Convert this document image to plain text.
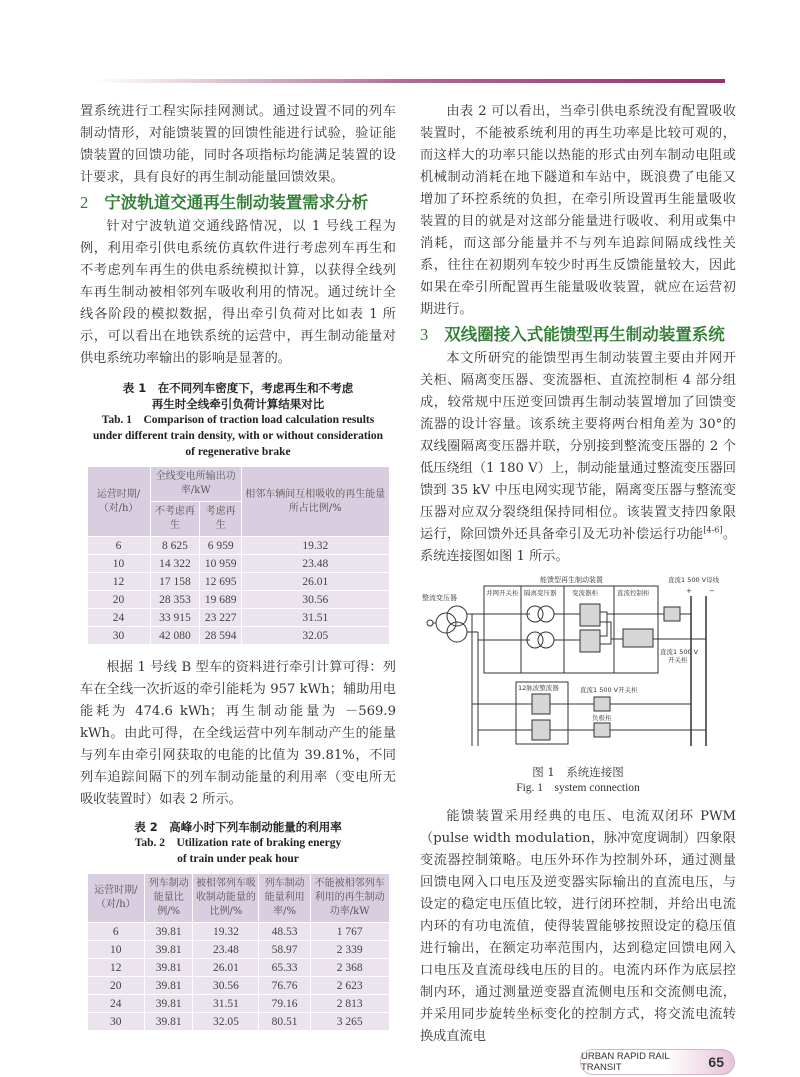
置系统进行工程实际挂网测试。通过设置不同的列车制动情形，对能馈装置的回馈性能进行试验，验证能馈装置的回馈功能，同时各项指标均能满足装置的设计要求，具有良好的再生制动能量回馈效果。

2 宁波轨道交通再生制动装置需求分析

针对宁波轨道交通线路情况，以 1 号线工程为例，利用牵引供电系统仿真软件进行考虑列车再生和不考虑列车再生的供电系统模拟计算，以获得全线列车再生制动被相邻列车吸收利用的情况。通过统计全线各阶段的模拟数据，得出牵引负荷对比如表 1 所示，可以看出在地铁系统的运营中，再生制动能量对供电系统功率输出的影响是显著的。

表 1　在不同列车密度下，考虑再生和不考虑再生时全线牵引负荷计算结果对比
Tab. 1　Comparison of traction load calculation results under different train density, with or without consideration of regenerative brake
运营时期/（对/h）	全线变电所输出功率/kW		相邻车辆间互相吸收的再生能量所占比例/%
	不考虑再生	考虑再生	
6	8 625	6 959	19.32
10	14 322	10 959	23.48
12	17 158	12 695	26.01
20	28 353	19 689	30.56
24	33 915	23 227	31.51
30	42 080	28 594	32.05

根据 1 号线 B 型车的资料进行牵引计算可得：列车在全线一次折返的牵引能耗为 957 kWh；辅助用电能耗为 474.6 kWh；再生制动能量为 －569.9 kWh。由此可得，在全线运营中列车制动产生的能量与列车由牵引网获取的电能的比值为 39.81%，不同列车追踪间隔下的列车制动能量的利用率（变电所无吸收装置时）如表 2 所示。

表 2　高峰小时下列车制动能量的利用率
Tab. 2　Utilization rate of braking energy of train under peak hour
运营时期/（对/h）	列车制动能量比例/%	被相邻列车吸收制动能量的比例/%	列车制动能量利用率/%	不能被相邻列车利用的再生制动功率/kW
6	39.81	19.32	48.53	1 767
10	39.81	23.48	58.97	2 339
12	39.81	26.01	65.33	2 368
20	39.81	30.56	76.76	2 623
24	39.81	31.51	79.16	2 813
30	39.81	32.05	80.51	3 265

由表 2 可以看出，当牵引供电系统没有配置吸收装置时，不能被系统利用的再生功率是比较可观的，而这样大的功率只能以热能的形式由列车制动电阻或机械制动消耗在地下隧道和车站中，既浪费了电能又增加了环控系统的负担，在牵引所设置再生能量吸收装置的目的就是对这部分能量进行吸收、利用或集中消耗，而这部分能量并不与列车追踪间隔成线性关系，往往在初期列车较少时再生反馈能量较大，因此如果在牵引所配置再生能量吸收装置，就应在运营初期进行。

3 双线圈接入式能馈型再生制动装置系统

本文所研究的能馈型再生制动装置主要由并网开关柜、隔离变压器、变流器柜、直流控制柜 4 部分组成，较常规中压逆变回馈再生制动装置增加了回馈变流器的设计容量。该系统主要将两台相角差为 30°的双线圈隔离变压器并联，分别接到整流变压器的 2 个低压绕组（1 180 V）上，制动能量通过整流变压器回馈到 35 kV 中压电网实现节能，隔离变压器与整流变压器对应双分裂绕组保持同相位。该装置支持四象限运行，除回馈外还具备牵引及无功补偿运行功能[4-6]。系统连接图如图 1 所示。

能馈型再生制动装置	直流1 500 V母线
+ −
整流变压器
并网开关柜 隔离变压器 变流器柜	直流控制柜
直流1 500 V 开关柜
12脉波整流器	直流1 500 V开关柜
负极柜
图 1　系统连接图
Fig. 1　system connection

能馈装置采用经典的电压、电流双闭环 PWM（pulse width modulation，脉冲宽度调制）四象限变流器控制策略。电压外环作为控制外环，通过测量回馈电网入口电压及逆变器实际输出的直流电压，与设定的稳定电压值比较，进行闭环控制，并给出电流内环的有功电流值，使得装置能够按照设定的稳压值进行输出，在额定功率范围内，达到稳定回馈电网入口电压及直流母线电压的目的。电流内环作为底层控制内环，通过测量逆变器直流侧电压和交流侧电流，并采用同步旋转坐标变化的控制方式，将交流电流转换成直流电

URBAN RAPID RAIL TRANSIT	65
